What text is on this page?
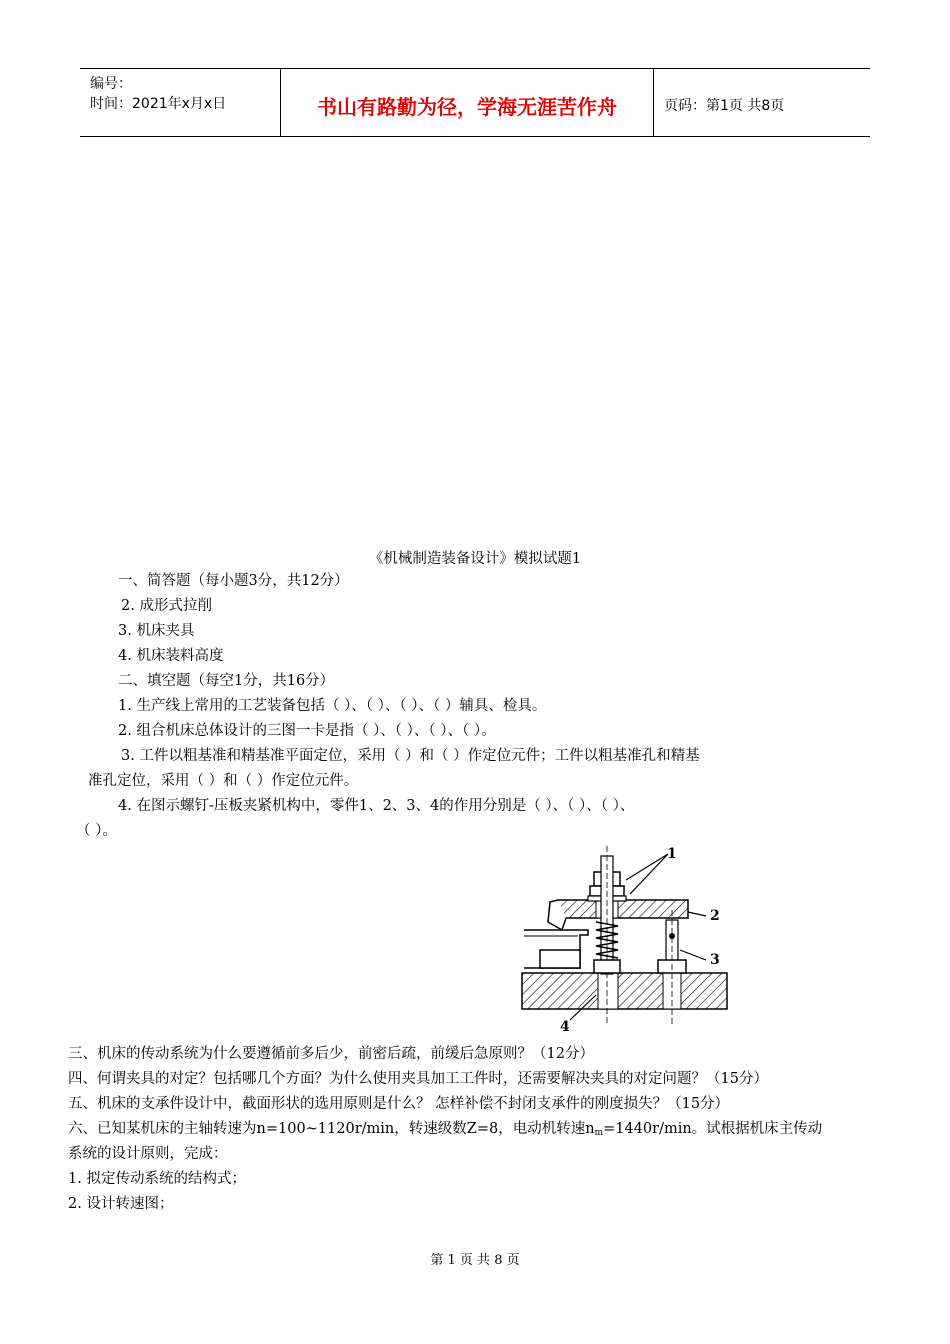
编号：
时间：2021年x月x日	书山有路勤为径，学海无涯苦作舟	页码：第1页 共8页
《机械制造装备设计》模拟试题1
一、简答题（每小题3分，共12分）
2. 成形式拉削
3. 机床夹具
4. 机床装料高度
二、填空题（每空1分，共16分）
1. 生产线上常用的工艺装备包括（ ）、（ ）、（ ）、（ ）辅具、检具。
2. 组合机床总体设计的三图一卡是指（ ）、（ ）、（ ）、（ ）。
3. 工件以粗基准和精基准平面定位，采用（ ）和（ ）作定位元件；工件以粗基准孔和精基
准孔定位，采用（ ）和（ ）作定位元件。
4. 在图示螺钉-压板夹紧机构中，零件1、2、3、4的作用分别是（ ）、（ ）、（ ）、
（ ）。
1
2
3
4
三、机床的传动系统为什么要遵循前多后少，前密后疏，前缓后急原则？（12分）
四、何谓夹具的对定？包括哪几个方面？为什么使用夹具加工工件时，还需要解决夹具的对定问题？（15分）
五、机床的支承件设计中，截面形状的选用原则是什么？ 怎样补偿不封闭支承件的刚度损失？（15分）
六、已知某机床的主轴转速为n=100~1120r/min，转速级数Z=8，电动机转速$n_m=1440r/\min$。试根据机床主传动
系统的设计原则，完成：
1. 拟定传动系统的结构式；
2. 设计转速图；
第 1 页 共 8 页
